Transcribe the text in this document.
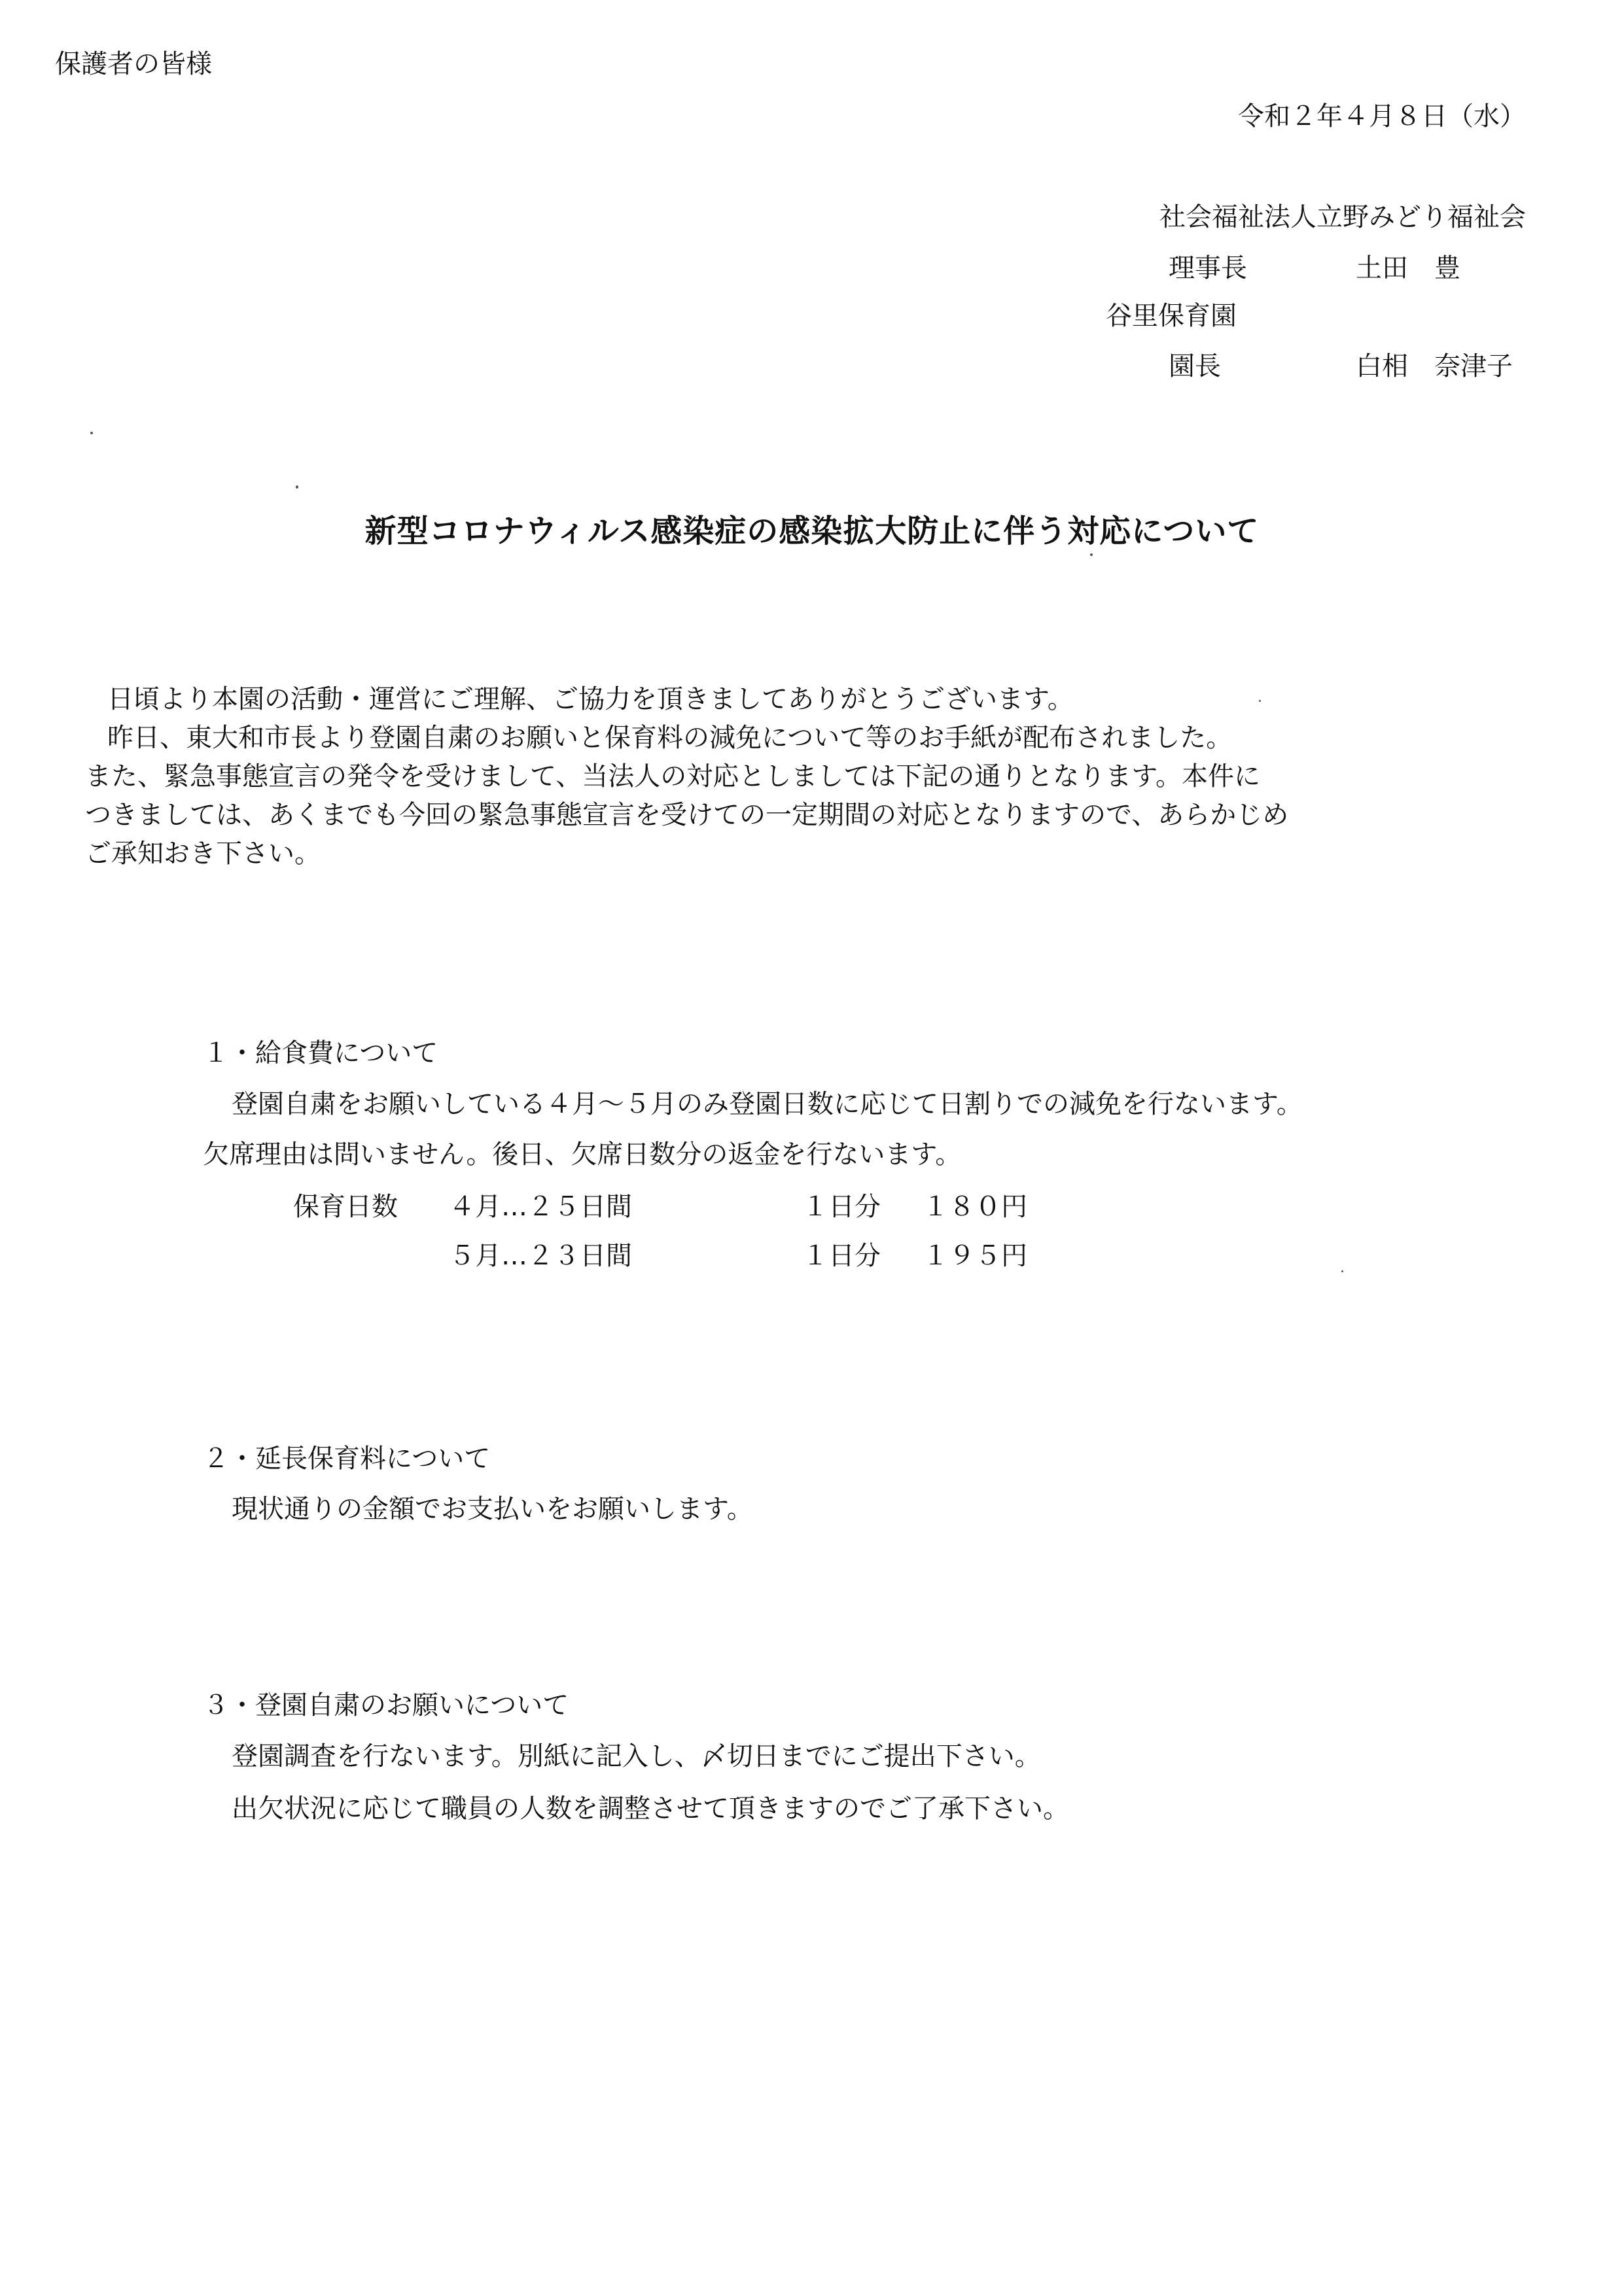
保護者の皆様
令和２年４月８日（水）
社会福祉法人立野みどり福祉会
理事長	土田　豊
谷里保育園
園長	白相　奈津子
新型コロナウィルス感染症の感染拡大防止に伴う対応について

日頃より本園の活動・運営にご理解、ご協力を頂きましてありがとうございます。

昨日、東大和市長より登園自粛のお願いと保育料の減免について等のお手紙が配布されました。

また、緊急事態宣言の発令を受けまして、当法人の対応としましては下記の通りとなります。本件に

つきましては、あくまでも今回の緊急事態宣言を受けての一定期間の対応となりますので、あらかじめ

ご承知おき下さい。

１・給食費について
登園自粛をお願いしている４月～５月のみ登園日数に応じて日割りでの減免を行ないます。
欠席理由は問いません。後日、欠席日数分の返金を行ないます。
保育日数 ４月…２５日間	１日分 １８０円
５月…２３日間	１日分 １９５円
２・延長保育料について
現状通りの金額でお支払いをお願いします。
３・登園自粛のお願いについて
登園調査を行ないます。別紙に記入し、〆切日までにご提出下さい。
出欠状況に応じて職員の人数を調整させて頂きますのでご了承下さい。
